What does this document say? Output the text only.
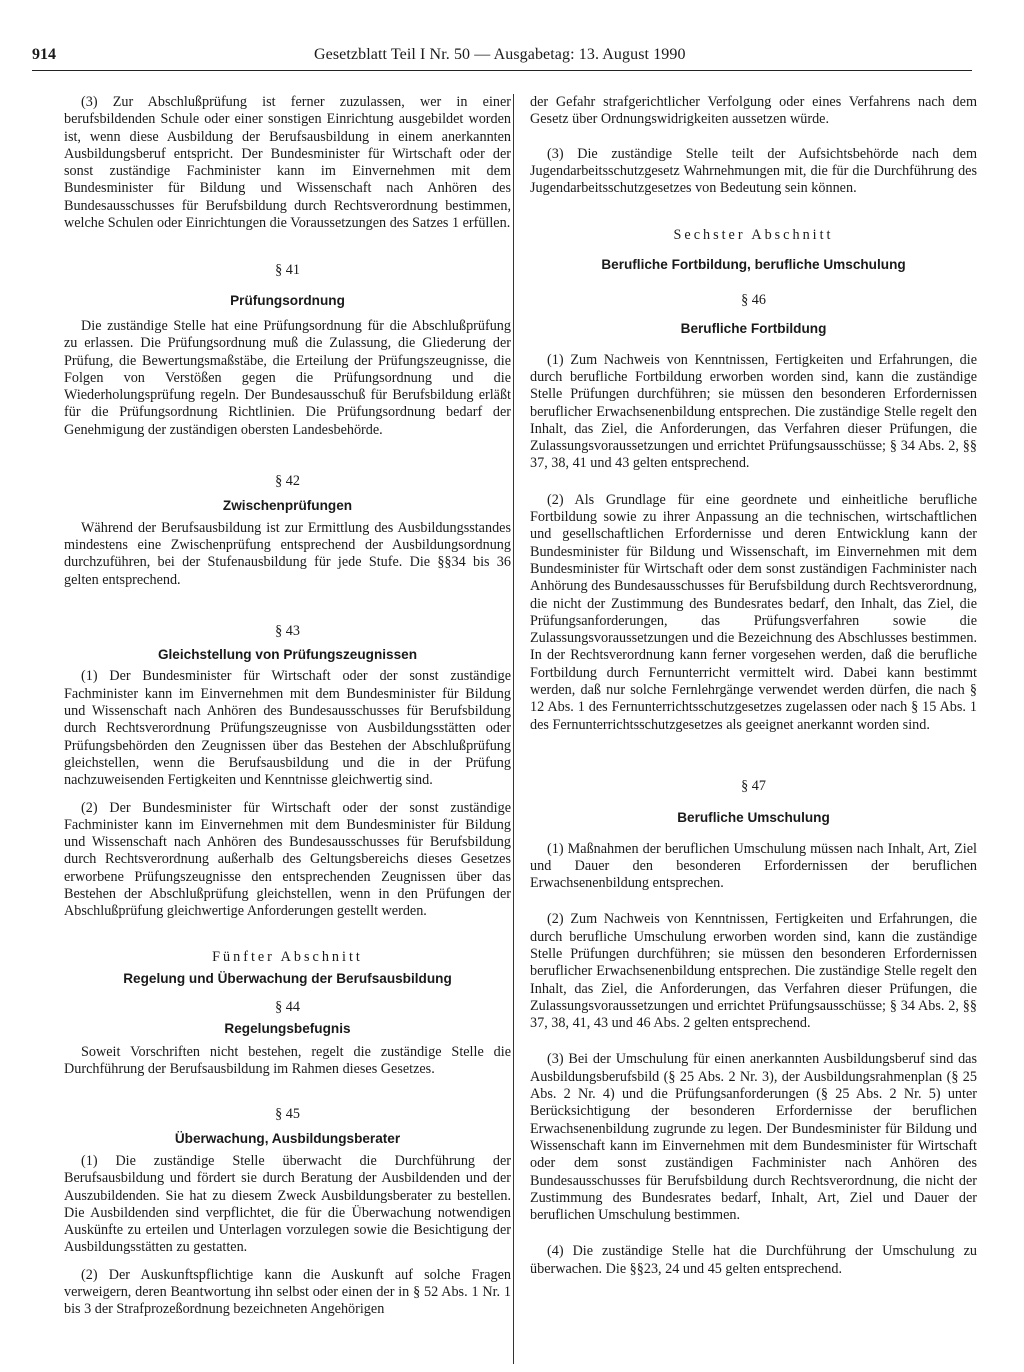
914	Gesetzblatt Teil I Nr. 50 — Ausgabetag: 13. August 1990

(3) Zur Abschlußprüfung ist ferner zuzulassen, wer in einer berufsbildenden Schule oder einer sonstigen Einrichtung ausgebildet worden ist, wenn diese Ausbildung der Berufsausbildung in einem anerkannten Ausbildungsberuf entspricht. Der Bundesminister für Wirtschaft oder der sonst zuständige Fachminister kann im Einvernehmen mit dem Bundesminister für Bildung und Wissenschaft nach Anhören des Bundesausschusses für Berufsbildung durch Rechtsverordnung bestimmen, welche Schulen oder Einrichtungen die Voraussetzungen des Satzes 1 erfüllen.

§ 41

Prüfungsordnung

Die zuständige Stelle hat eine Prüfungsordnung für die Abschlußprüfung zu erlassen. Die Prüfungsordnung muß die Zulassung, die Gliederung der Prüfung, die Bewertungsmaßstäbe, die Erteilung der Prüfungszeugnisse, die Folgen von Verstößen gegen die Prüfungsordnung und die Wiederholungsprüfung regeln. Der Bundesausschuß für Berufsbildung erläßt für die Prüfungsordnung Richtlinien. Die Prüfungsordnung bedarf der Genehmigung der zuständigen obersten Landesbehörde.

§ 42

Zwischenprüfungen

Während der Berufsausbildung ist zur Ermittlung des Ausbildungsstandes mindestens eine Zwischenprüfung entsprechend der Ausbildungsordnung durchzuführen, bei der Stufenausbildung für jede Stufe. Die §§34 bis 36 gelten entsprechend.

§ 43

Gleichstellung von Prüfungszeugnissen

(1) Der Bundesminister für Wirtschaft oder der sonst zuständige Fachminister kann im Einvernehmen mit dem Bundesminister für Bildung und Wissenschaft nach Anhören des Bundesausschusses für Berufsbildung durch Rechtsverordnung Prüfungszeugnisse von Ausbildungsstätten oder Prüfungsbehörden den Zeugnissen über das Bestehen der Abschlußprüfung gleichstellen, wenn die Berufsausbildung und die in der Prüfung nachzuweisenden Fertigkeiten und Kenntnisse gleichwertig sind.

(2) Der Bundesminister für Wirtschaft oder der sonst zuständige Fachminister kann im Einvernehmen mit dem Bundesminister für Bildung und Wissenschaft nach Anhören des Bundesausschusses für Berufsbildung durch Rechtsverordnung außerhalb des Geltungsbereichs dieses Gesetzes erworbene Prüfungszeugnisse den entsprechenden Zeugnissen über das Bestehen der Abschlußprüfung gleichstellen, wenn in den Prüfungen der Abschlußprüfung gleichwertige Anforderungen gestellt werden.

Fünfter Abschnitt

Regelung und Überwachung der Berufsausbildung

§ 44

Regelungsbefugnis

Soweit Vorschriften nicht bestehen, regelt die zuständige Stelle die Durchführung der Berufsausbildung im Rahmen dieses Gesetzes.

§ 45

Überwachung, Ausbildungsberater

(1) Die zuständige Stelle überwacht die Durchführung der Berufsausbildung und fördert sie durch Beratung der Ausbildenden und der Auszubildenden. Sie hat zu diesem Zweck Ausbildungsberater zu bestellen. Die Ausbildenden sind verpflichtet, die für die Überwachung notwendigen Auskünfte zu erteilen und Unterlagen vorzulegen sowie die Besichtigung der Ausbildungsstätten zu gestatten.

(2) Der Auskunftspflichtige kann die Auskunft auf solche Fragen verweigern, deren Beantwortung ihn selbst oder einen der in § 52 Abs. 1 Nr. 1 bis 3 der Strafprozeßordnung bezeichneten Angehörigen

der Gefahr strafgerichtlicher Verfolgung oder eines Verfahrens nach dem Gesetz über Ordnungswidrigkeiten aussetzen würde.

(3) Die zuständige Stelle teilt der Aufsichtsbehörde nach dem Jugendarbeitsschutzgesetz Wahrnehmungen mit, die für die Durchführung des Jugendarbeitsschutzgesetzes von Bedeutung sein können.

Sechster Abschnitt

Berufliche Fortbildung, berufliche Umschulung

§ 46

Berufliche Fortbildung

(1) Zum Nachweis von Kenntnissen, Fertigkeiten und Erfahrungen, die durch berufliche Fortbildung erworben worden sind, kann die zuständige Stelle Prüfungen durchführen; sie müssen den besonderen Erfordernissen beruflicher Erwachsenenbildung entsprechen. Die zuständige Stelle regelt den Inhalt, das Ziel, die Anforderungen, das Verfahren dieser Prüfungen, die Zulassungsvoraussetzungen und errichtet Prüfungsausschüsse; § 34 Abs. 2, §§ 37, 38, 41 und 43 gelten entsprechend.

(2) Als Grundlage für eine geordnete und einheitliche berufliche Fortbildung sowie zu ihrer Anpassung an die technischen, wirtschaftlichen und gesellschaftlichen Erfordernisse und deren Entwicklung kann der Bundesminister für Bildung und Wissenschaft, im Einvernehmen mit dem Bundesminister für Wirtschaft oder dem sonst zuständigen Fachminister nach Anhörung des Bundesausschusses für Berufsbildung durch Rechtsverordnung, die nicht der Zustimmung des Bundesrates bedarf, den Inhalt, das Ziel, die Prüfungsanforderungen, das Prüfungsverfahren sowie die Zulassungsvoraussetzungen und die Bezeichnung des Abschlusses bestimmen. In der Rechtsverordnung kann ferner vorgesehen werden, daß die berufliche Fortbildung durch Fernunterricht vermittelt wird. Dabei kann bestimmt werden, daß nur solche Fernlehrgänge verwendet werden dürfen, die nach § 12 Abs. 1 des Fernunterrichtsschutzgesetzes zugelassen oder nach § 15 Abs. 1 des Fernunterrichtsschutzgesetzes als geeignet anerkannt worden sind.

§ 47

Berufliche Umschulung

(1) Maßnahmen der beruflichen Umschulung müssen nach Inhalt, Art, Ziel und Dauer den besonderen Erfordernissen der beruflichen Erwachsenenbildung entsprechen.

(2) Zum Nachweis von Kenntnissen, Fertigkeiten und Erfahrungen, die durch berufliche Umschulung erworben worden sind, kann die zuständige Stelle Prüfungen durchführen; sie müssen den besonderen Erfordernissen beruflicher Erwachsenenbildung entsprechen. Die zuständige Stelle regelt den Inhalt, das Ziel, die Anforderungen, das Verfahren dieser Prüfungen, die Zulassungsvoraussetzungen und errichtet Prüfungsausschüsse; § 34 Abs. 2, §§ 37, 38, 41, 43 und 46 Abs. 2 gelten entsprechend.

(3) Bei der Umschulung für einen anerkannten Ausbildungsberuf sind das Ausbildungsberufsbild (§ 25 Abs. 2 Nr. 3), der Ausbildungsrahmenplan (§ 25 Abs. 2 Nr. 4) und die Prüfungsanforderungen (§ 25 Abs. 2 Nr. 5) unter Berücksichtigung der besonderen Erfordernisse der beruflichen Erwachsenenbildung zugrunde zu legen. Der Bundesminister für Bildung und Wissenschaft kann im Einvernehmen mit dem Bundesminister für Wirtschaft oder dem sonst zuständigen Fachminister nach Anhören des Bundesausschusses für Berufsbildung durch Rechtsverordnung, die nicht der Zustimmung des Bundesrates bedarf, Inhalt, Art, Ziel und Dauer der beruflichen Umschulung bestimmen.

(4) Die zuständige Stelle hat die Durchführung der Umschulung zu überwachen. Die §§23, 24 und 45 gelten entsprechend.
